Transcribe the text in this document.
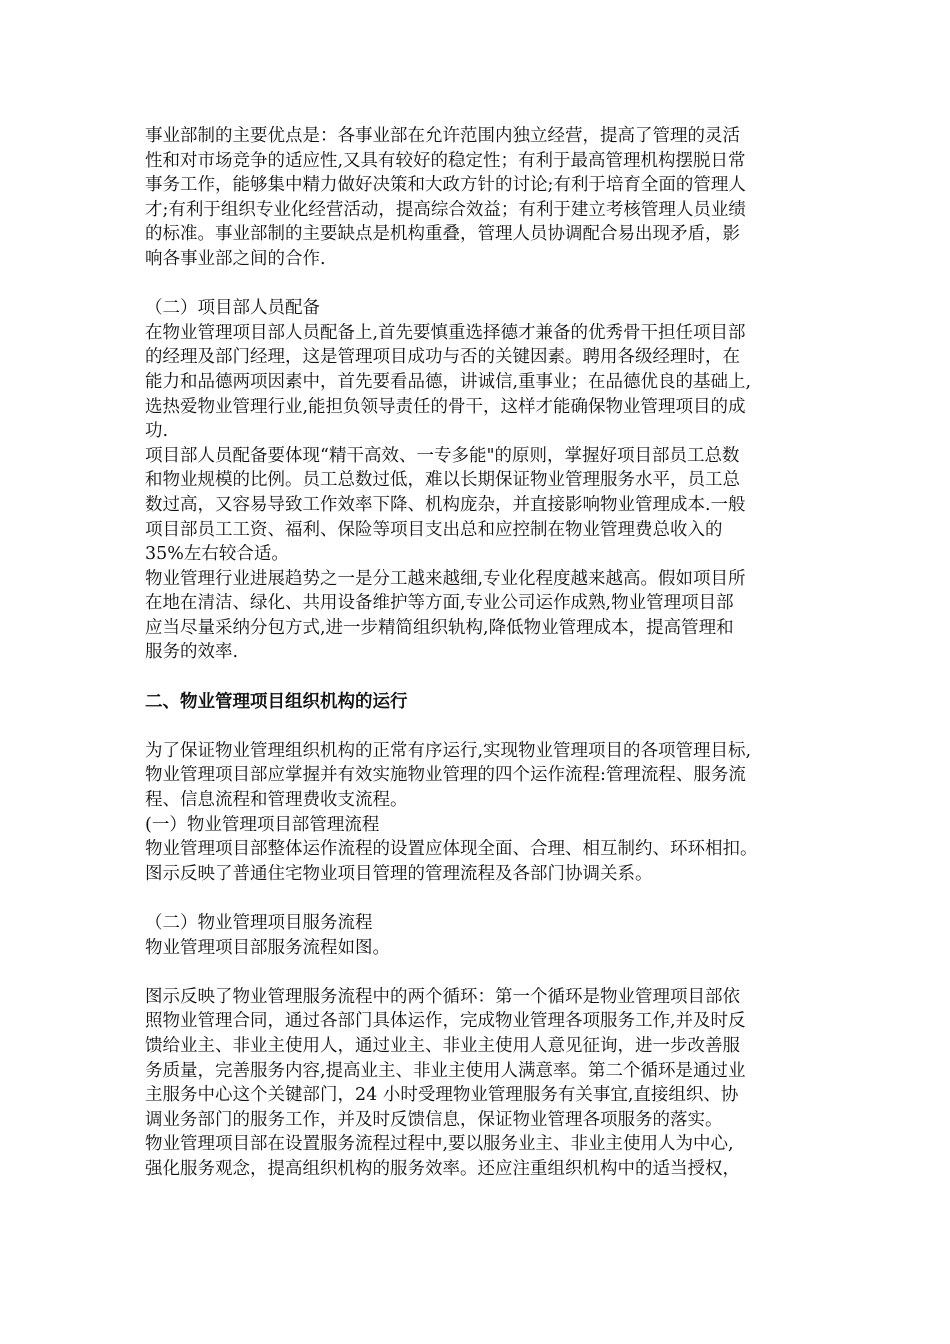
事业部制的主要优点是：各事业部在允许范围内独立经营，提高了管理的灵活
性和对市场竞争的适应性,又具有较好的稳定性；有利于最高管理机构摆脱日常
事务工作，能够集中精力做好决策和大政方针的讨论;有利于培育全面的管理人
才;有利于组织专业化经营活动，提高综合效益；有利于建立考核管理人员业绩
的标准。事业部制的主要缺点是机构重叠，管理人员协调配合易出现矛盾，影
响各事业部之间的合作.
（二）项目部人员配备
在物业管理项目部人员配备上,首先要慎重选择德才兼备的优秀骨干担任项目部
的经理及部门经理，这是管理项目成功与否的关键因素。聘用各级经理时，在
能力和品德两项因素中，首先要看品德，讲诚信,重事业；在品德优良的基础上,
选热爱物业管理行业,能担负领导责任的骨干，这样才能确保物业管理项目的成
功.
项目部人员配备要体现“精干高效、一专多能"的原则，掌握好项目部员工总数
和物业规模的比例。员工总数过低，难以长期保证物业管理服务水平，员工总
数过高，又容易导致工作效率下降、机构庞杂，并直接影响物业管理成本.一般
项目部员工工资、福利、保险等项目支出总和应控制在物业管理费总收入的
35%左右较合适。
物业管理行业进展趋势之一是分工越来越细,专业化程度越来越高。假如项目所
在地在清洁、绿化、共用设备维护等方面,专业公司运作成熟,物业管理项目部
应当尽量采纳分包方式,进一步精简组织轨构,降低物业管理成本，提高管理和
服务的效率.
二、物业管理项目组织机构的运行
为了保证物业管理组织机构的正常有序运行,实现物业管理项目的各项管理目标,
物业管理项目部应掌握并有效实施物业管理的四个运作流程:管理流程、服务流
程、信息流程和管理费收支流程。
(一）物业管理项目部管理流程
物业管理项目部整体运作流程的设置应体现全面、合理、相互制约、环环相扣。
图示反映了普通住宅物业项目管理的管理流程及各部门协调关系。
（二）物业管理项目服务流程
物业管理项目部服务流程如图。
图示反映了物业管理服务流程中的两个循环：第一个循环是物业管理项目部依
照物业管理合同，通过各部门具体运作，完成物业管理各项服务工作,并及时反
馈给业主、非业主使用人，通过业主、非业主使用人意见征询，进一步改善服
务质量，完善服务内容,提高业主、非业主使用人满意率。第二个循环是通过业
主服务中心这个关键部门，24 小时受理物业管理服务有关事宜,直接组织、协
调业务部门的服务工作，并及时反馈信息，保证物业管理各项服务的落实。
物业管理项目部在设置服务流程过程中,要以服务业主、非业主使用人为中心,
强化服务观念，提高组织机构的服务效率。还应注重组织机构中的适当授权，
